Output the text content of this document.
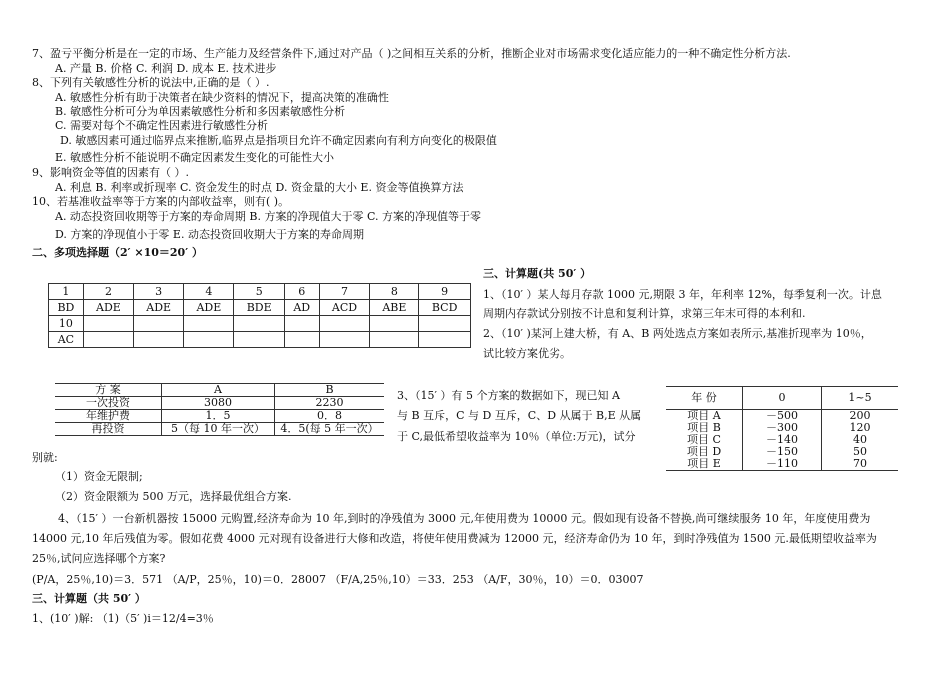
7、盈亏平衡分析是在一定的市场、生产能力及经营条件下,通过对产品（ )之间相互关系的分析，推断企业对市场需求变化适应能力的一种不确定性分析方法.
A. 产量 B. 价格 C. 利润 D. 成本 E. 技术进步
8、下列有关敏感性分析的说法中,正确的是（ ）.
A. 敏感性分析有助于决策者在缺少资料的情况下，提高决策的准确性
B. 敏感性分析可分为单因素敏感性分析和多因素敏感性分析
C. 需要对每个不确定性因素进行敏感性分析
D. 敏感因素可通过临界点来推断,临界点是指项目允许不确定因素向有利方向变化的极限值
E. 敏感性分析不能说明不确定因素发生变化的可能性大小
9、影响资金等值的因素有（ ）.
A. 利息 B. 利率或折现率 C. 资金发生的时点 D. 资金量的大小 E. 资金等值换算方法
10、若基准收益率等于方案的内部收益率，则有( )。
A. 动态投资回收期等于方案的寿命周期 B. 方案的净现值大于零 C. 方案的净现值等于零
D. 方案的净现值小于零 E. 动态投资回收期大于方案的寿命周期
二、多项选择题（2′ ×10＝20′ ）
1	2	3	4	5	6	7	8	9
BD	ADE	ADE	ADE	BDE	AD	ACD	ABE	BCD
10								
AC								
三、计算题(共 50′ ）
1、（10′ ）某人每月存款 1000 元,期限 3 年，年利率 12%，每季复利一次。计息
周期内存款试分别按不计息和复利计算，求第三年末可得的本利和.
2、（10′ )某河上建大桥，有 A、B 两处选点方案如表所示,基准折现率为 10％，
试比较方案优劣。
方 案	A	B
一次投资	3080	2230
年维护费	1．5	0．8
再投资	5（每 10 年一次）	4．5(每 5 年一次）
3、（15′ ）有 5 个方案的数据如下，现已知 A
与 B 互斥，C 与 D 互斥，C、D 从属于 B,E 从属
于 C,最低希望收益率为 10％（单位:万元)，试分
别就:
（1）资金无限制;
（2）资金限额为 500 万元，选择最优组合方案.
年 份	0	1~5
项目 A	－500	200
项目 B	－300	120
项目 C	－140	40
项目 D	－150	50
项目 E	－110	70
4、（15′ ）一台新机器按 15000 元购置,经济寿命为 10 年,到时的净残值为 3000 元,年使用费为 10000 元。假如现有设备不替换,尚可继续服务 10 年，年度使用费为
14000 元,10 年后残值为零。假如花费 4000 元对现有设备进行大修和改造，将使年使用费减为 12000 元，经济寿命仍为 10 年，到时净残值为 1500 元.最低期望收益率为
25％,试问应选择哪个方案?
(P/A，25％,10)＝3．571 （A/P，25％，10)＝0．28007 （F/A,25％,10）＝33．253 （A/F，30％，10）＝0．03007
三、计算题（共 50′ ）
1、(10′ )解: （1)（5′ )i＝12/4=3％
